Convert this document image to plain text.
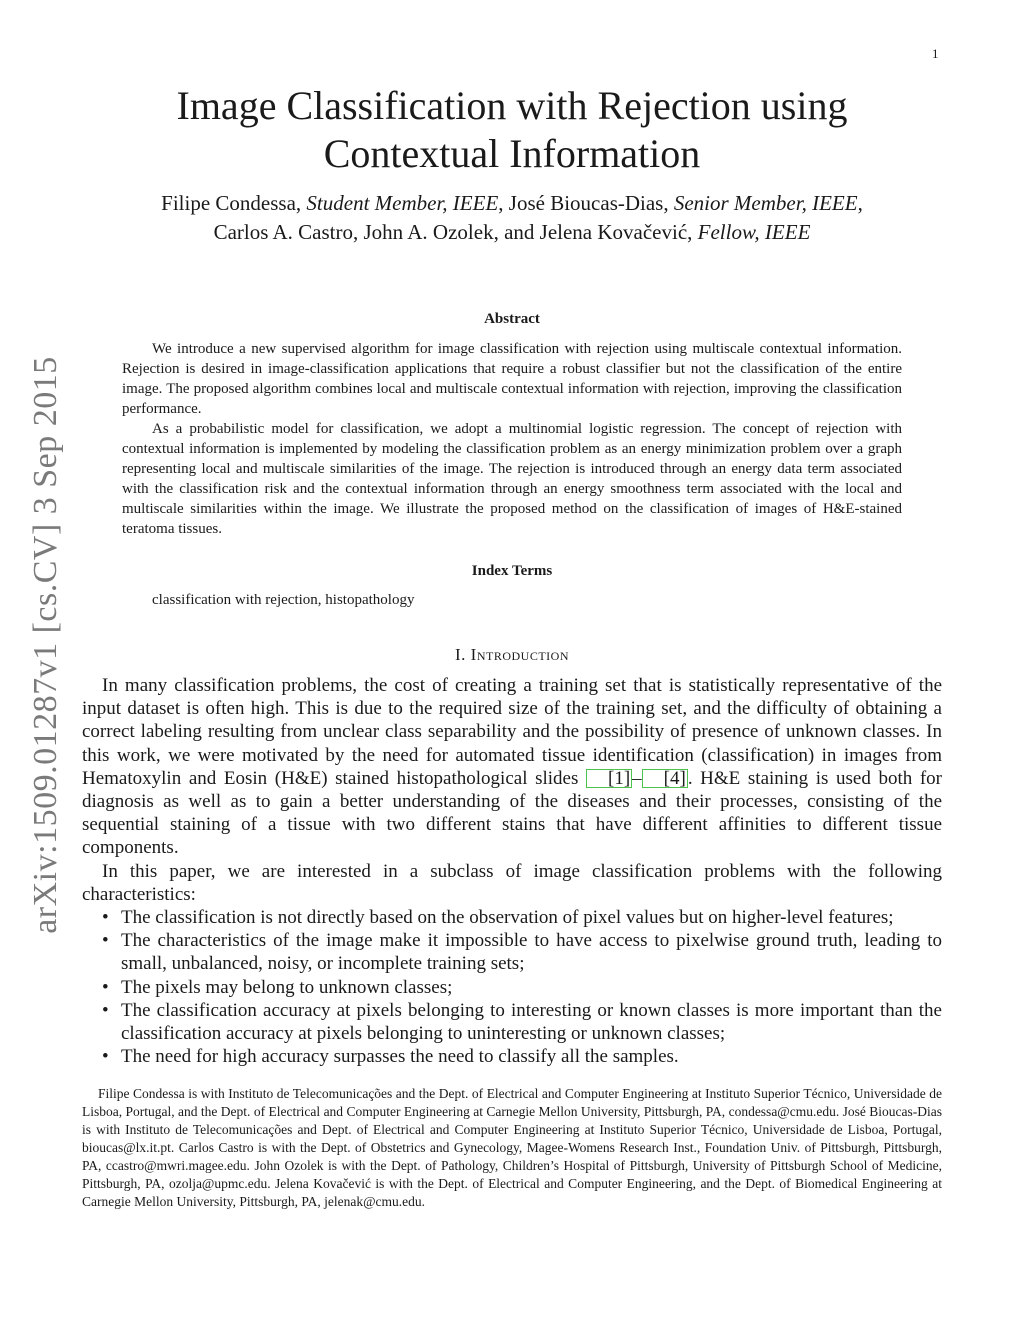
1
arXiv:1509.01287v1 [cs.CV] 3 Sep 2015
Image Classification with Rejection using
Contextual Information
Filipe Condessa, Student Member, IEEE, José Bioucas-Dias, Senior Member, IEEE,
Carlos A. Castro, John A. Ozolek, and Jelena Kovačević, Fellow, IEEE
Abstract

We introduce a new supervised algorithm for image classification with rejection using multiscale contextual information. Rejection is desired in image-classification applications that require a robust classifier but not the classification of the entire image. The proposed algorithm combines local and multiscale contextual information with rejection, improving the classification performance.

As a probabilistic model for classification, we adopt a multinomial logistic regression. The concept of rejection with contextual information is implemented by modeling the classification problem as an energy minimization problem over a graph representing local and multiscale similarities of the image. The rejection is introduced through an energy data term associated with the classification risk and the contextual information through an energy smoothness term associated with the local and multiscale similarities within the image. We illustrate the proposed method on the classification of images of H&E-stained teratoma tissues.

Index Terms
classification with rejection, histopathology
I. Introduction

In many classification problems, the cost of creating a training set that is statistically representative of the input dataset is often high. This is due to the required size of the training set, and the difficulty of obtaining a correct labeling resulting from unclear class separability and the possibility of presence of unknown classes. In this work, we were motivated by the need for automated tissue identification (classification) in images from Hematoxylin and Eosin (H&E) stained histopathological slides [1] – [4] . H&E staining is used both for diagnosis as well as to gain a better understanding of the diseases and their processes, consisting of the sequential staining of a tissue with two different stains that have different affinities to different tissue components.

In this paper, we are interested in a subclass of image classification problems with the following characteristics:

• The classification is not directly based on the observation of pixel values but on higher-level features;
• The characteristics of the image make it impossible to have access to pixelwise ground truth, leading to small, unbalanced, noisy, or incomplete training sets;
• The pixels may belong to unknown classes;
• The classification accuracy at pixels belonging to interesting or known classes is more important than the classification accuracy at pixels belonging to uninteresting or unknown classes;
• The need for high accuracy surpasses the need to classify all the samples.

Filipe Condessa is with Instituto de Telecomunicações and the Dept. of Electrical and Computer Engineering at Instituto Superior Técnico, Universidade de Lisboa, Portugal, and the Dept. of Electrical and Computer Engineering at Carnegie Mellon University, Pittsburgh, PA, condessa@cmu.edu. José Bioucas-Dias is with Instituto de Telecomunicações and Dept. of Electrical and Computer Engineering at Instituto Superior Técnico, Universidade de Lisboa, Portugal, bioucas@lx.it.pt. Carlos Castro is with the Dept. of Obstetrics and Gynecology, Magee-Womens Research Inst., Foundation Univ. of Pittsburgh, Pittsburgh, PA, ccastro@mwri.magee.edu. John Ozolek is with the Dept. of Pathology, Children’s Hospital of Pittsburgh, University of Pittsburgh School of Medicine, Pittsburgh, PA, ozolja@upmc.edu. Jelena Kovačević is with the Dept. of Electrical and Computer Engineering, and the Dept. of Biomedical Engineering at Carnegie Mellon University, Pittsburgh, PA, jelenak@cmu.edu.
